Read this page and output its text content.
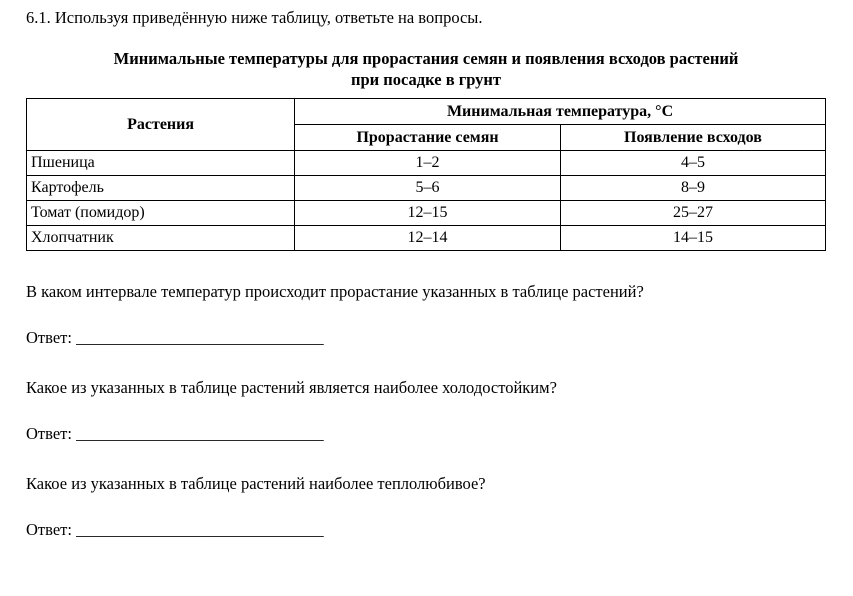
6.1. Используя приведённую ниже таблицу, ответьте на вопросы.
Минимальные температуры для прорастания семян и появления всходов растений
при посадке в грунт
Растения	Минимальная температура, °C	
	Прорастание семян	Появление всходов
Пшеница	1–2	4–5
Картофель	5–6	8–9
Томат (помидор)	12–15	25–27
Хлопчатник	12–14	14–15
В каком интервале температур происходит прорастание указанных в таблице растений?
Ответ: ______________________________
Какое из указанных в таблице растений является наиболее холодостойким?
Ответ: ______________________________
Какое из указанных в таблице растений наиболее теплолюбивое?
Ответ: ______________________________
